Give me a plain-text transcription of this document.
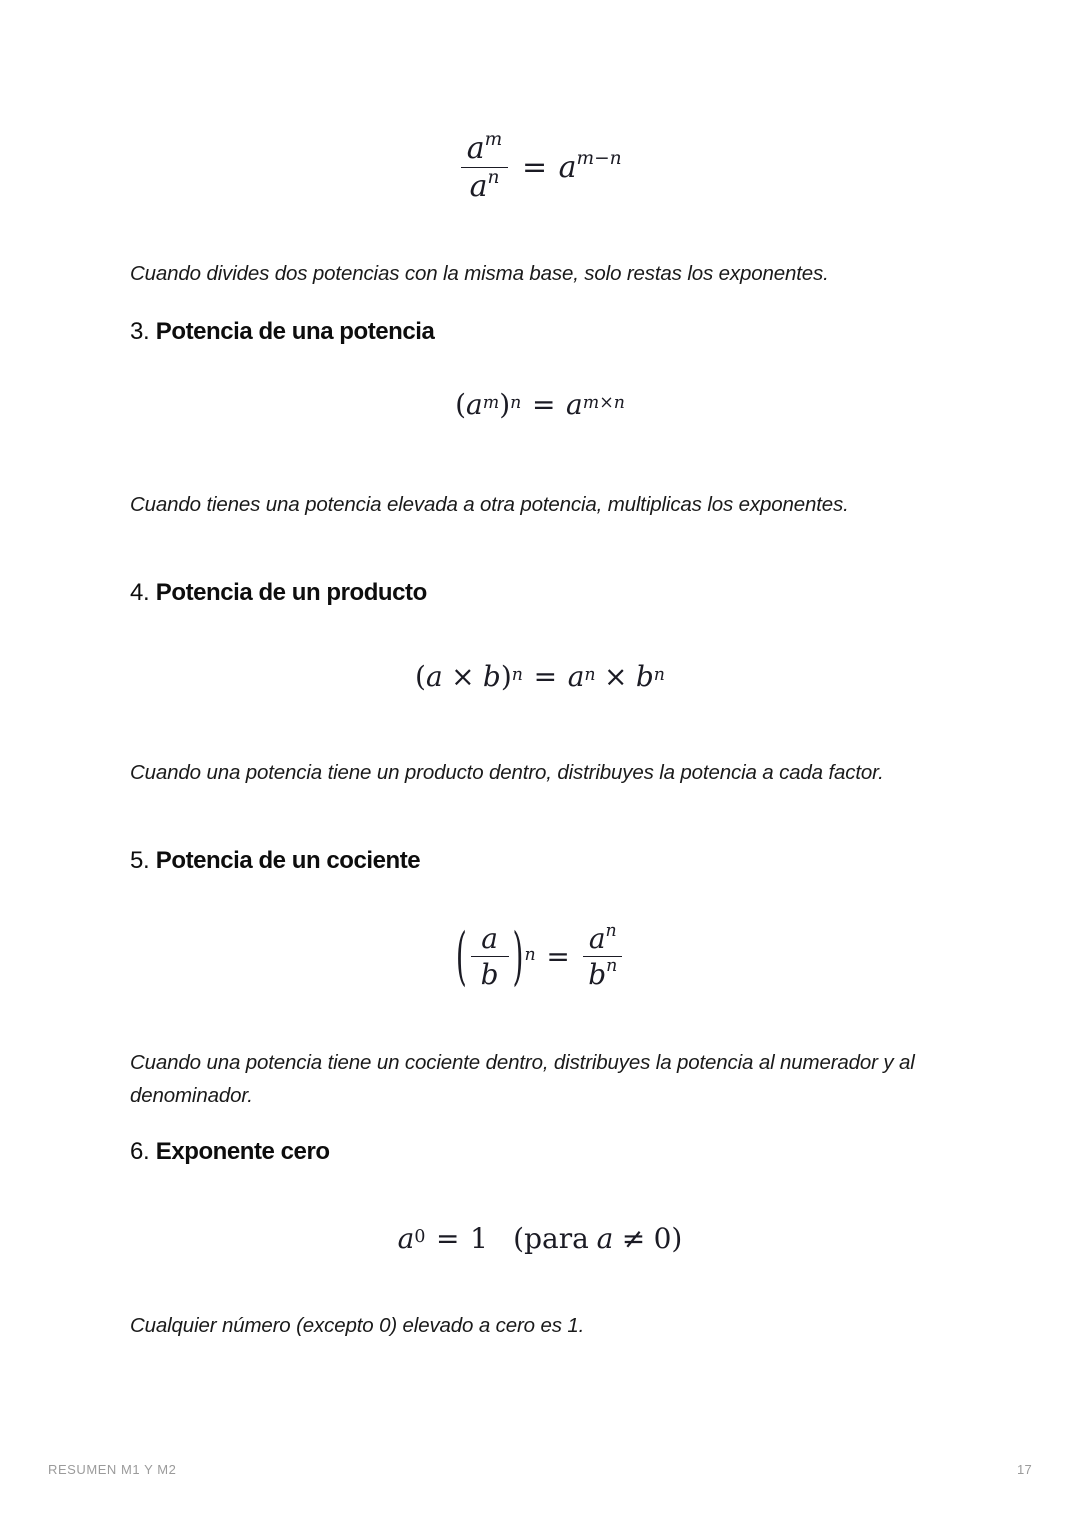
$\frac{a^m}{a^n} = a^{m-n}$

Cuando divides dos potencias con la misma base, solo restas los exponentes.

3. Potencia de una potencia
( a m ) n = a m×n

Cuando tienes una potencia elevada a otra potencia, multiplicas los exponentes.

4. Potencia de un producto
( a × b ) n = a n × b n

Cuando una potencia tiene un producto dentro, distribuyes la potencia a cada factor.

5. Potencia de un cociente
( $\frac{a}{b}$ ) $n = \frac{a^n}{b^n}$

Cuando una potencia tiene un cociente dentro, distribuyes la potencia al numerador y al denominador.

6. Exponente cero
a 0 = 1 ( para a ≠ 0 )

Cualquier número (excepto 0) elevado a cero es 1.

RESUMEN M1 Y M2	17
